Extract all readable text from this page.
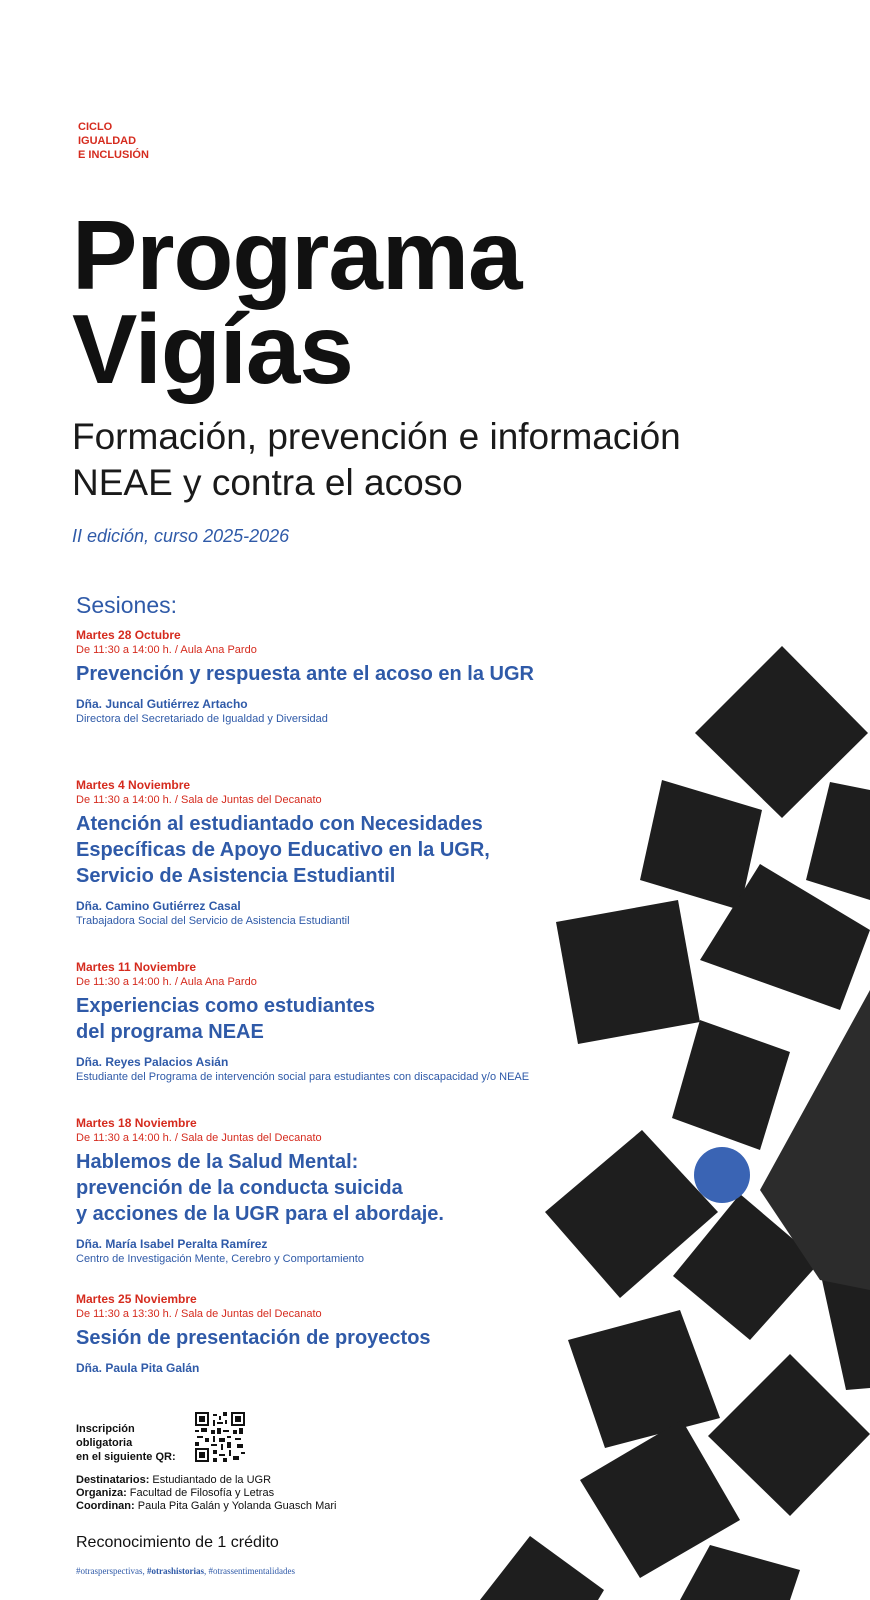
CICLO
IGUALDAD
E INCLUSIÓN
Programa
Vigías
Formación, prevención e información
NEAE y contra el acoso
II edición, curso 2025-2026
Sesiones:
Martes 28 Octubre
De 11:30 a 14:00 h. / Aula Ana Pardo
Prevención y respuesta ante el acoso en la UGR
Dña. Juncal Gutiérrez Artacho
Directora del Secretariado de Igualdad y Diversidad
Martes 4 Noviembre
De 11:30 a 14:00 h. / Sala de Juntas del Decanato
Atención al estudiantado con Necesidades
Específicas de Apoyo Educativo en la UGR,
Servicio de Asistencia Estudiantil
Dña. Camino Gutiérrez Casal
Trabajadora Social del Servicio de Asistencia Estudiantil
Martes 11 Noviembre
De 11:30 a 14:00 h. / Aula Ana Pardo
Experiencias como estudiantes
del programa NEAE
Dña. Reyes Palacios Asián
Estudiante del Programa de intervención social para estudiantes con discapacidad y/o NEAE
Martes 18 Noviembre
De 11:30 a 14:00 h. / Sala de Juntas del Decanato
Hablemos de la Salud Mental:
prevención de la conducta suicida
y acciones de la UGR para el abordaje.
Dña. María Isabel Peralta Ramírez
Centro de Investigación Mente, Cerebro y Comportamiento
Martes 25 Noviembre
De 11:30 a 13:30 h. / Sala de Juntas del Decanato
Sesión de presentación de proyectos
Dña. Paula Pita Galán
Inscripción
obligatoria
en el siguiente QR:
Destinatarios: Estudiantado de la UGR
Organiza: Facultad de Filosofía y Letras
Coordinan: Paula Pita Galán y Yolanda Guasch Mari
Reconocimiento de 1 crédito
#otrasperspectivas, #otrashistorias, #otrassentimentalidades
